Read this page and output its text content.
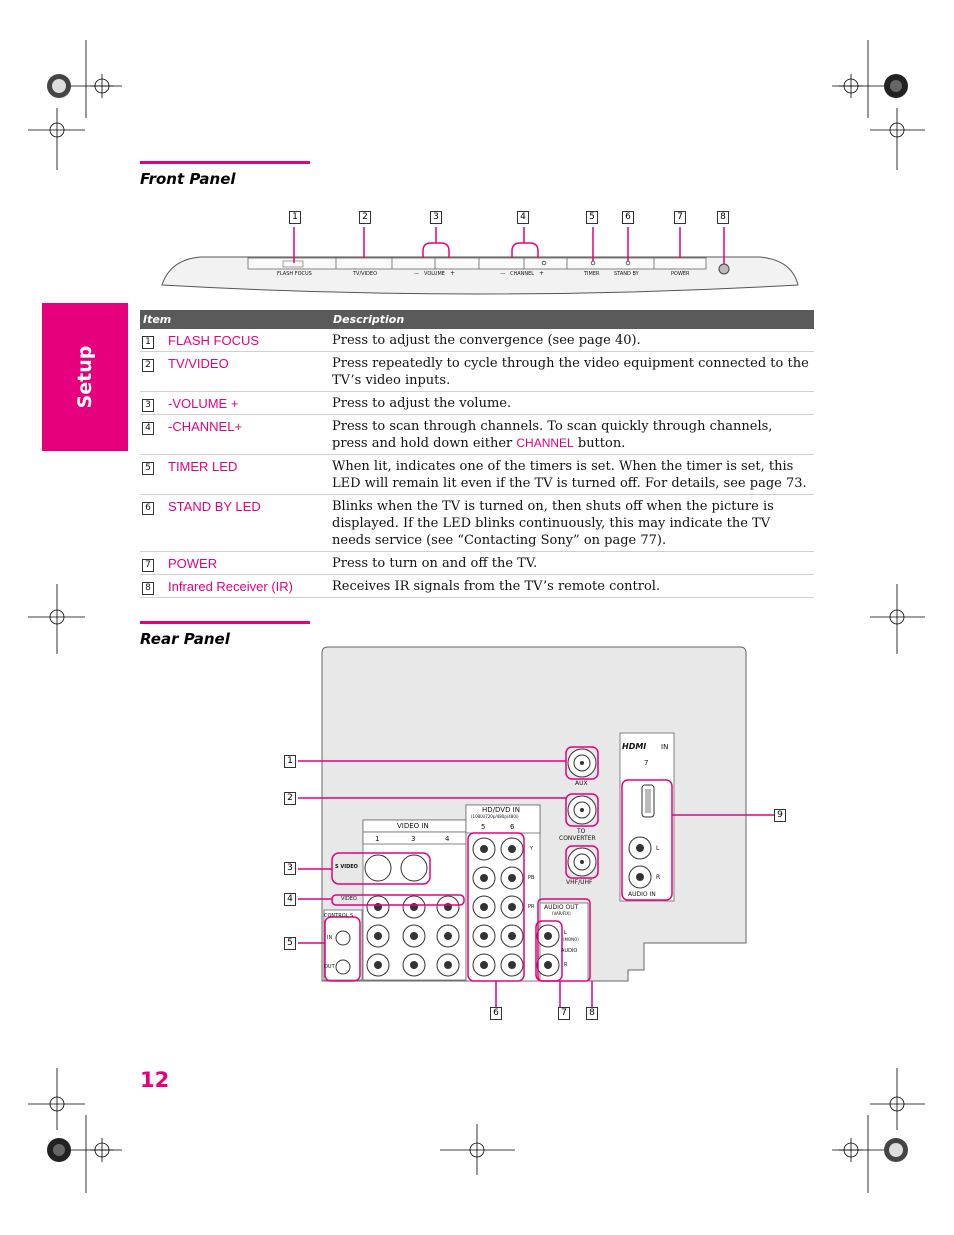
Setup
Front Panel
1	2	3	4	5	6	7	8
FLASH FOCUS	TV/VIDEO	— VOLUME +	— CHANNEL +	TIMER	STAND BY	POWER
Item		Description
1	FLASH FOCUS	Press to adjust the convergence (see page 40).
2	TV/VIDEO	Press repeatedly to cycle through the video equipment connected to the TV’s video inputs.
3	-VOLUME +	Press to adjust the volume.
4	-CHANNEL+	Press to scan through channels. To scan quickly through channels, press and hold down either CHANNEL button.
5	TIMER LED	When lit, indicates one of the timers is set. When the timer is set, this LED will remain lit even if the TV is turned off. For details, see page 73.
6	STAND BY LED	Blinks when the TV is turned on, then shuts off when the picture is displayed. If the LED blinks continuously, this may indicate the TV needs service (see “Contacting Sony” on page 77).
7	POWER	Press to turn on and off the TV.
8	Infrared Receiver (IR)	Receives IR signals from the TV’s remote control.
Rear Panel
1
2
3
4
5
6	7	8
9
AUX
TO
CONVERTER
VHF/UHF
HDMI IN
7
AUDIO IN
L
R
HD/DVD IN
(1080i/720p/480p/480i)
5	6
Y
PB
PR
VIDEO IN
1	3	4
S VIDEO
VIDEO
CONTROL S
IN
OUT
AUDIO OUT
(VAR/FIX)
L
(MONO)
AUDIO
R
12
